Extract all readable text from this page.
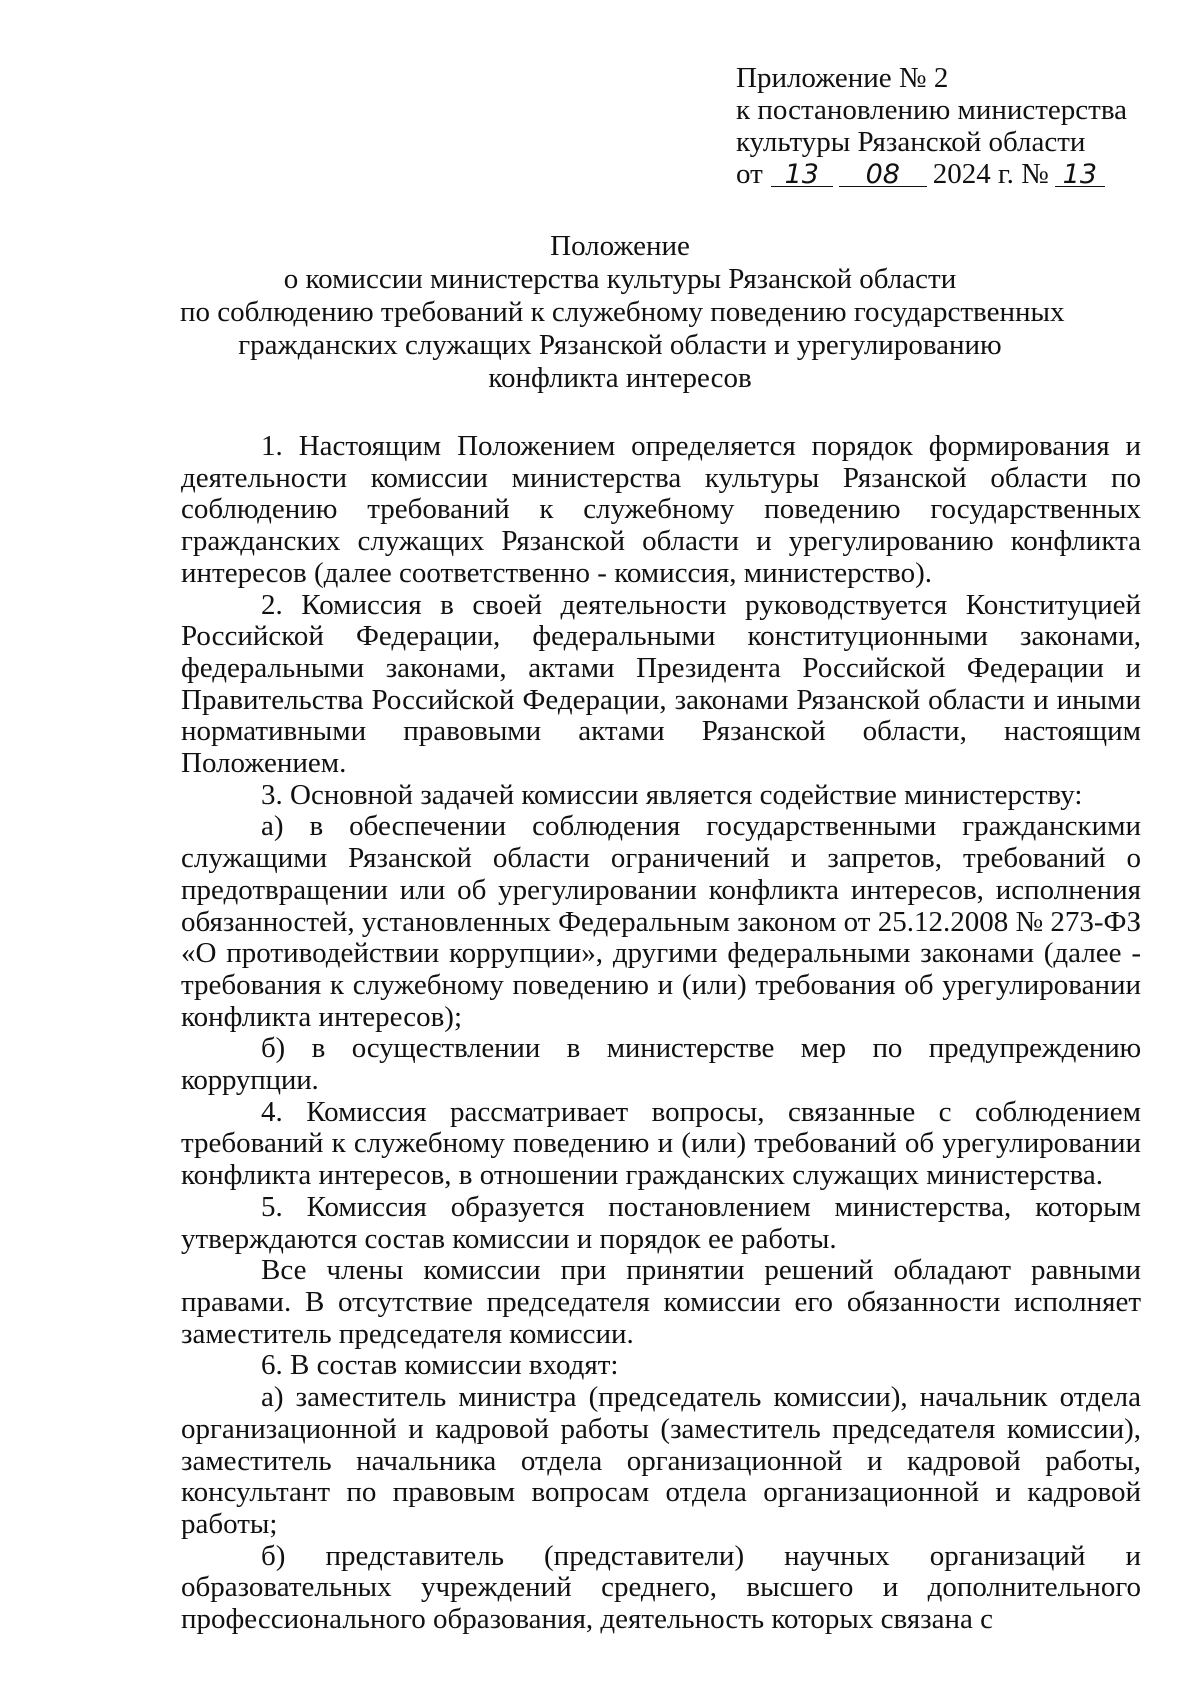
Приложение № 2
к постановлению министерства
культуры Рязанской области
от 13 08 2024 г. № 13
Положение
о комиссии министерства культуры Рязанской области
по соблюдению требований к служебному поведению государственных
гражданских служащих Рязанской области и урегулированию
конфликта интересов

1. Настоящим Положением определяется порядок формирования и деятельности комиссии министерства культуры Рязанской области по соблюдению требований к служебному поведению государственных гражданских служащих Рязанской области и урегулированию конфликта интересов (далее соответственно - комиссия, министерство).

2. Комиссия в своей деятельности руководствуется Конституцией Российской Федерации, федеральными конституционными законами, федеральными законами, актами Президента Российской Федерации и Правительства Российской Федерации, законами Рязанской области и иными нормативными правовыми актами Рязанской области, настоящим Положением.

3. Основной задачей комиссии является содействие министерству:

а) в обеспечении соблюдения государственными гражданскими служащими Рязанской области ограничений и запретов, требований о предотвращении или об урегулировании конфликта интересов, исполнения обязанностей, установленных Федеральным законом от 25.12.2008 № 273-ФЗ «О противодействии коррупции», другими федеральными законами (далее - требования к служебному поведению и (или) требования об урегулировании конфликта интересов);

б) в осуществлении в министерстве мер по предупреждению коррупции.

4. Комиссия рассматривает вопросы, связанные с соблюдением требований к служебному поведению и (или) требований об урегулировании конфликта интересов, в отношении гражданских служащих министерства.

5. Комиссия образуется постановлением министерства, которым утверждаются состав комиссии и порядок ее работы.

Все члены комиссии при принятии решений обладают равными правами. В отсутствие председателя комиссии его обязанности исполняет заместитель председателя комиссии.

6. В состав комиссии входят:

а) заместитель министра (председатель комиссии), начальник отдела организационной и кадровой работы (заместитель председателя комиссии), заместитель начальника отдела организационной и кадровой работы, консультант по правовым вопросам отдела организационной и кадровой работы;

б) представитель (представители) научных организаций и образовательных учреждений среднего, высшего и дополнительного профессионального образования, деятельность которых связана с
